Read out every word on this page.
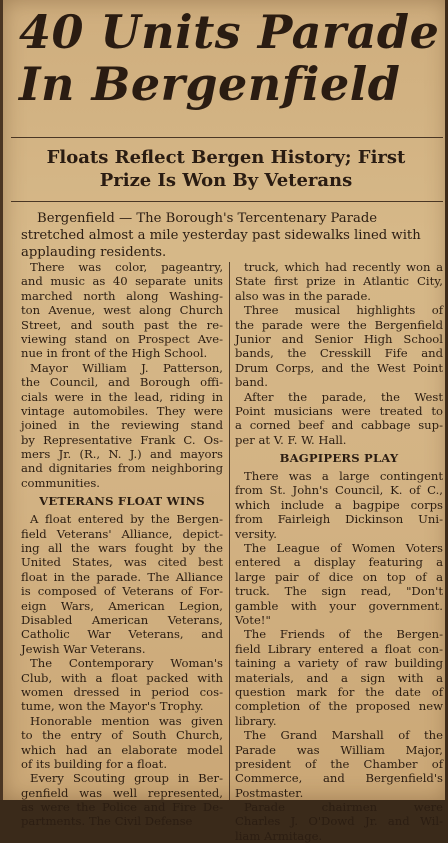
40 Units Parade
In Bergenfield
Floats Reflect Bergen History; First
Prize Is Won By Veterans
Bergenfield — The Borough's Tercentenary Parade
stretched almost a mile yesterday past sidewalks lined with
applauding residents.
There was color, pageantry,
and music as 40 separate units
marched north along Washing-
ton Avenue, west along Church
Street, and south past the re-
viewing stand on Prospect Ave-
nue in front of the High School.
Mayor William J. Patterson,
the Council, and Borough offi-
cials were in the lead, riding in
vintage automobiles. They were
joined in the reviewing stand
by Representative Frank C. Os-
mers Jr. (R., N. J.) and mayors
and dignitaries from neighboring
communities.
VETERANS FLOAT WINS
A float entered by the Bergen-
field Veterans' Alliance, depict-
ing all the wars fought by the
United States, was cited best
float in the parade. The Alliance
is composed of Veterans of For-
eign Wars, American Legion,
Disabled American Veterans,
Catholic War Veterans, and
Jewish War Veterans.
The Contemporary Woman's
Club, with a float packed with
women dressed in period cos-
tume, won the Mayor's Trophy.
Honorable mention was given
to the entry of South Church,
which had an elaborate model
of its building for a float.
Every Scouting group in Ber-
genfield was well represented,
as were the Police and Fire De-
partments. The Civil Defense
truck, which had recently won a
State first prize in Atlantic City,
also was in the parade.
Three musical highlights of
the parade were the Bergenfield
Junior and Senior High School
bands, the Cresskill Fife and
Drum Corps, and the West Point
band.
After the parade, the West
Point musicians were treated to
a corned beef and cabbage sup-
per at V. F. W. Hall.
BAGPIPERS PLAY
There was a large contingent
from St. John's Council, K. of C.,
which include a bagpipe corps
from Fairleigh Dickinson Uni-
versity.
The League of Women Voters
entered a display featuring a
large pair of dice on top of a
truck. The sign read, "Don't
gamble with your government.
Vote!"
The Friends of the Bergen-
field Library entered a float con-
taining a variety of raw building
materials, and a sign with a
question mark for the date of
completion of the proposed new
library.
The Grand Marshall of the
Parade was William Major,
president of the Chamber of
Commerce, and Bergenfield's
Postmaster.
Parade chairmen were
Charles J. O'Dowd Jr. and Wil-
liam Armitage.
